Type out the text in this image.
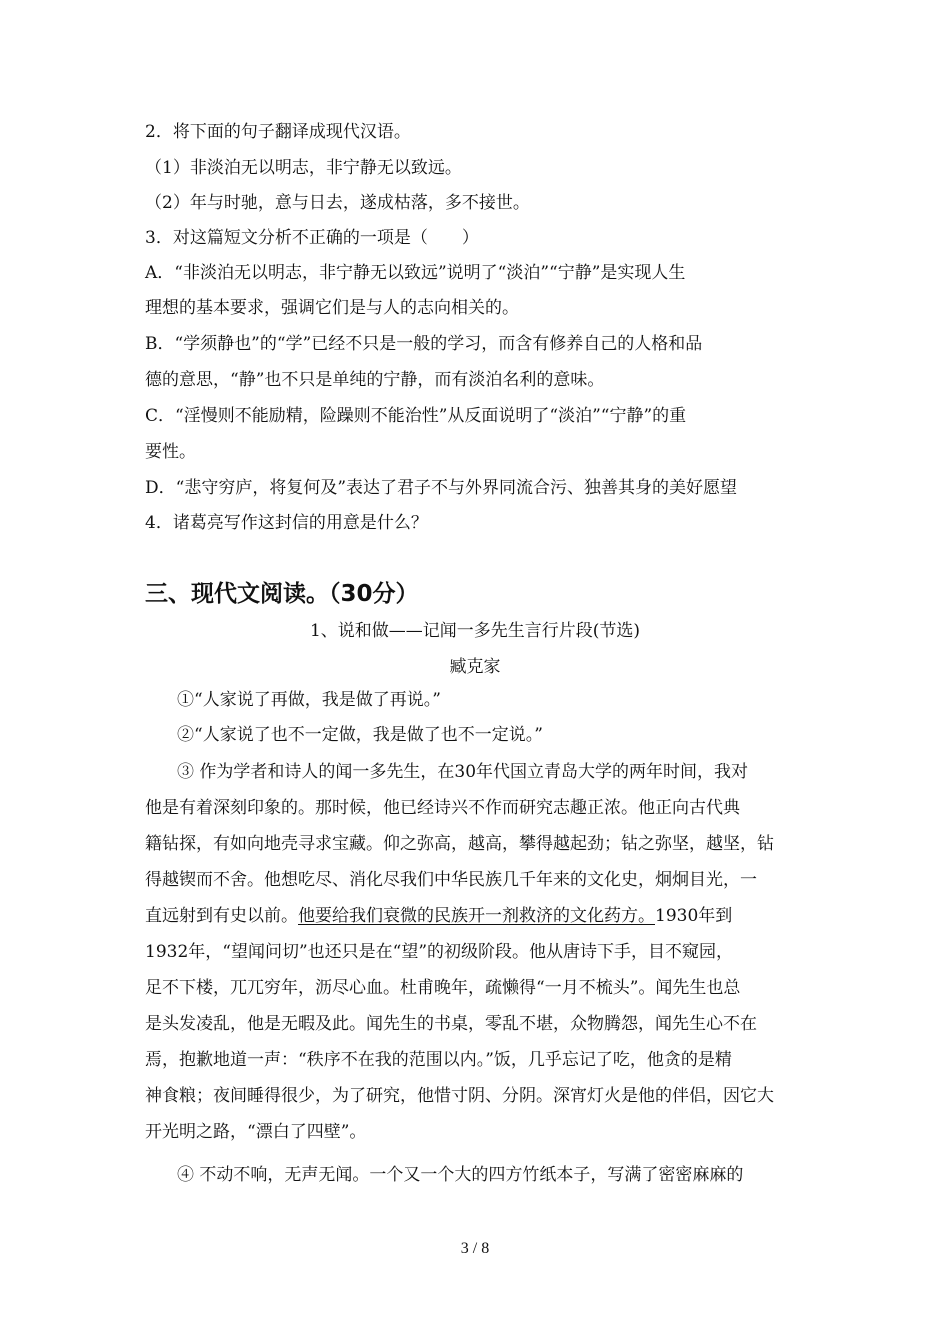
2．将下面的句子翻译成现代汉语。
（1）非淡泊无以明志，非宁静无以致远。
（2）年与时驰，意与日去，遂成枯落，多不接世。
3．对这篇短文分析不正确的一项是（　　）
A．“非淡泊无以明志，非宁静无以致远”说明了“淡泊”“宁静”是实现人生
理想的基本要求，强调它们是与人的志向相关的。
B．“学须静也”的“学”已经不只是一般的学习，而含有修养自己的人格和品
德的意思，“静”也不只是单纯的宁静，而有淡泊名利的意味。
C．“淫慢则不能励精，险躁则不能治性”从反面说明了“淡泊”“宁静”的重
要性。
D．“悲守穷庐，将复何及”表达了君子不与外界同流合污、独善其身的美好愿望
4．诸葛亮写作这封信的用意是什么？
三、现代文阅读。（30分）
1、说和做——记闻一多先生言行片段(节选)
臧克家
①“人家说了再做，我是做了再说。”
②“人家说了也不一定做，我是做了也不一定说。”
③ 作为学者和诗人的闻一多先生，在30年代国立青岛大学的两年时间，我对
他是有着深刻印象的。那时候，他已经诗兴不作而研究志趣正浓。他正向古代典
籍钻探，有如向地壳寻求宝藏。仰之弥高，越高，攀得越起劲；钻之弥坚，越坚，钻
得越锲而不舍。他想吃尽、消化尽我们中华民族几千年来的文化史，炯炯目光，一
直远射到有史以前。他要给我们衰微的民族开一剂救济的文化药方。1930年到
1932年，“望闻问切”也还只是在“望”的初级阶段。他从唐诗下手，目不窥园，
足不下楼，兀兀穷年，沥尽心血。杜甫晚年，疏懒得“一月不梳头”。闻先生也总
是头发凌乱，他是无暇及此。闻先生的书桌，零乱不堪，众物腾怨，闻先生心不在
焉，抱歉地道一声：“秩序不在我的范围以内。”饭，几乎忘记了吃，他贪的是精
神食粮；夜间睡得很少，为了研究，他惜寸阴、分阴。深宵灯火是他的伴侣，因它大
开光明之路，“漂白了四壁”。
④ 不动不响，无声无闻。一个又一个大的四方竹纸本子，写满了密密麻麻的
3 / 8
